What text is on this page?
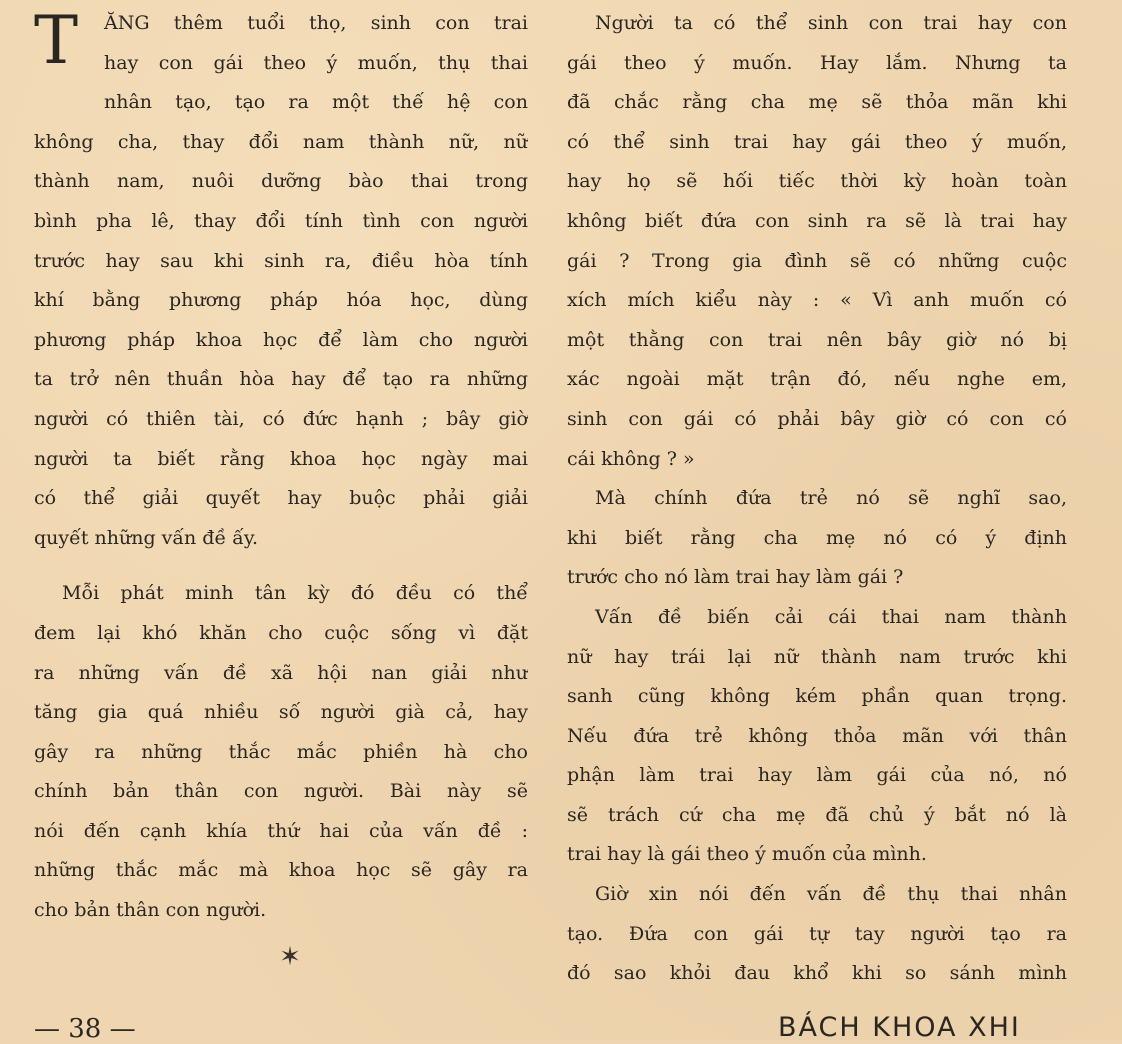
T	ĂNG thêm tuổi thọ, sinh con trai
hay con gái theo ý muốn, thụ thai
nhân tạo, tạo ra một thế hệ con
không cha, thay đổi nam thành nữ, nữ
thành nam, nuôi dưỡng bào thai trong
bình pha lê, thay đổi tính tình con người
trước hay sau khi sinh ra, điều hòa tính
khí bằng phương pháp hóa học, dùng
phương pháp khoa học để làm cho người
ta trở nên thuần hòa hay để tạo ra những
người có thiên tài, có đức hạnh ; bây giờ
người ta biết rằng khoa học ngày mai
có thể giải quyết hay buộc phải giải
quyết những vấn đề ấy.
Mỗi phát minh tân kỳ đó đều có thể
đem lại khó khăn cho cuộc sống vì đặt
ra những vấn đề xã hội nan giải như
tăng gia quá nhiều số người già cả, hay
gây ra những thắc mắc phiền hà cho
chính bản thân con người. Bài này sẽ
nói đến cạnh khía thứ hai của vấn đề :
những thắc mắc mà khoa học sẽ gây ra
cho bản thân con người.
✶
Người ta có thể sinh con trai hay con
gái theo ý muốn. Hay lắm. Nhưng ta
đã chắc rằng cha mẹ sẽ thỏa mãn khi
có thể sinh trai hay gái theo ý muốn,
hay họ sẽ hối tiếc thời kỳ hoàn toàn
không biết đứa con sinh ra sẽ là trai hay
gái ? Trong gia đình sẽ có những cuộc
xích mích kiểu này : « Vì anh muốn có
một thằng con trai nên bây giờ nó bị
xác ngoài mặt trận đó, nếu nghe em,
sinh con gái có phải bây giờ có con có
cái không ? »
Mà chính đứa trẻ nó sẽ nghĩ sao,
khi biết rằng cha mẹ nó có ý định
trước cho nó làm trai hay làm gái ?
Vấn đề biến cải cái thai nam thành
nữ hay trái lại nữ thành nam trước khi
sanh cũng không kém phần quan trọng.
Nếu đứa trẻ không thỏa mãn với thân
phận làm trai hay làm gái của nó, nó
sẽ trách cứ cha mẹ đã chủ ý bắt nó là
trai hay là gái theo ý muốn của mình.
Giờ xin nói đến vấn đề thụ thai nhân
tạo. Đứa con gái tự tay người tạo ra
đó sao khỏi đau khổ khi so sánh mình
— 38 —	BÁCH KHOA XHI
